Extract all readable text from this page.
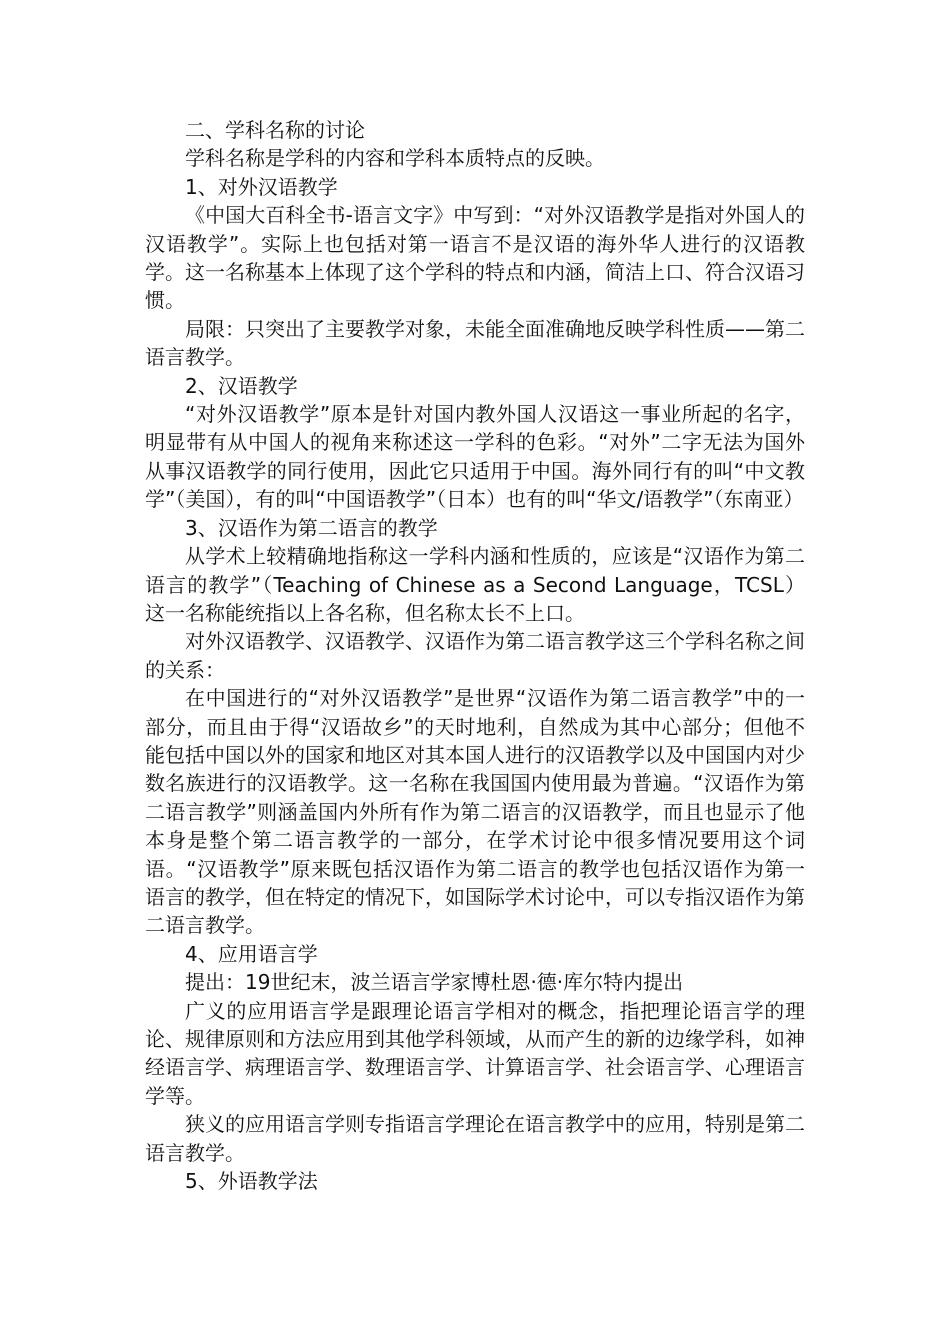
二、学科名称的讨论

学科名称是学科的内容和学科本质特点的反映。

1、对外汉语教学

《中国大百科全书-语言文字》中写到：“对外汉语教学是指对外国人的汉语教学”。实际上也包括对第一语言不是汉语的海外华人进行的汉语教学。这一名称基本上体现了这个学科的特点和内涵，简洁上口、符合汉语习惯。

局限：只突出了主要教学对象，未能全面准确地反映学科性质——第二语言教学。

2、汉语教学

“对外汉语教学”原本是针对国内教外国人汉语这一事业所起的名字，明显带有从中国人的视角来称述这一学科的色彩。“对外”二字无法为国外从事汉语教学的同行使用，因此它只适用于中国。海外同行有的叫“中文教学”（美国），有的叫“中国语教学”（日本）也有的叫“华文/语教学”（东南亚）

3、汉语作为第二语言的教学

从学术上较精确地指称这一学科内涵和性质的，应该是“汉语作为第二语言的教学”（Teaching of Chinese as a Second Language，TCSL）这一名称能统指以上各名称，但名称太长不上口。

对外汉语教学、汉语教学、汉语作为第二语言教学这三个学科名称之间的关系：

在中国进行的“对外汉语教学”是世界“汉语作为第二语言教学”中的一部分，而且由于得“汉语故乡”的天时地利，自然成为其中心部分；但他不能包括中国以外的国家和地区对其本国人进行的汉语教学以及中国国内对少数名族进行的汉语教学。这一名称在我国国内使用最为普遍。“汉语作为第二语言教学”则涵盖国内外所有作为第二语言的汉语教学，而且也显示了他本身是整个第二语言教学的一部分，在学术讨论中很多情况要用这个词语。“汉语教学”原来既包括汉语作为第二语言的教学也包括汉语作为第一语言的教学，但在特定的情况下，如国际学术讨论中，可以专指汉语作为第二语言教学。

4、应用语言学

提出：19世纪末，波兰语言学家博杜恩·德·库尔特内提出

广义的应用语言学是跟理论语言学相对的概念，指把理论语言学的理论、规律原则和方法应用到其他学科领域，从而产生的新的边缘学科，如神经语言学、病理语言学、数理语言学、计算语言学、社会语言学、心理语言学等。

狭义的应用语言学则专指语言学理论在语言教学中的应用，特别是第二语言教学。

5、外语教学法
